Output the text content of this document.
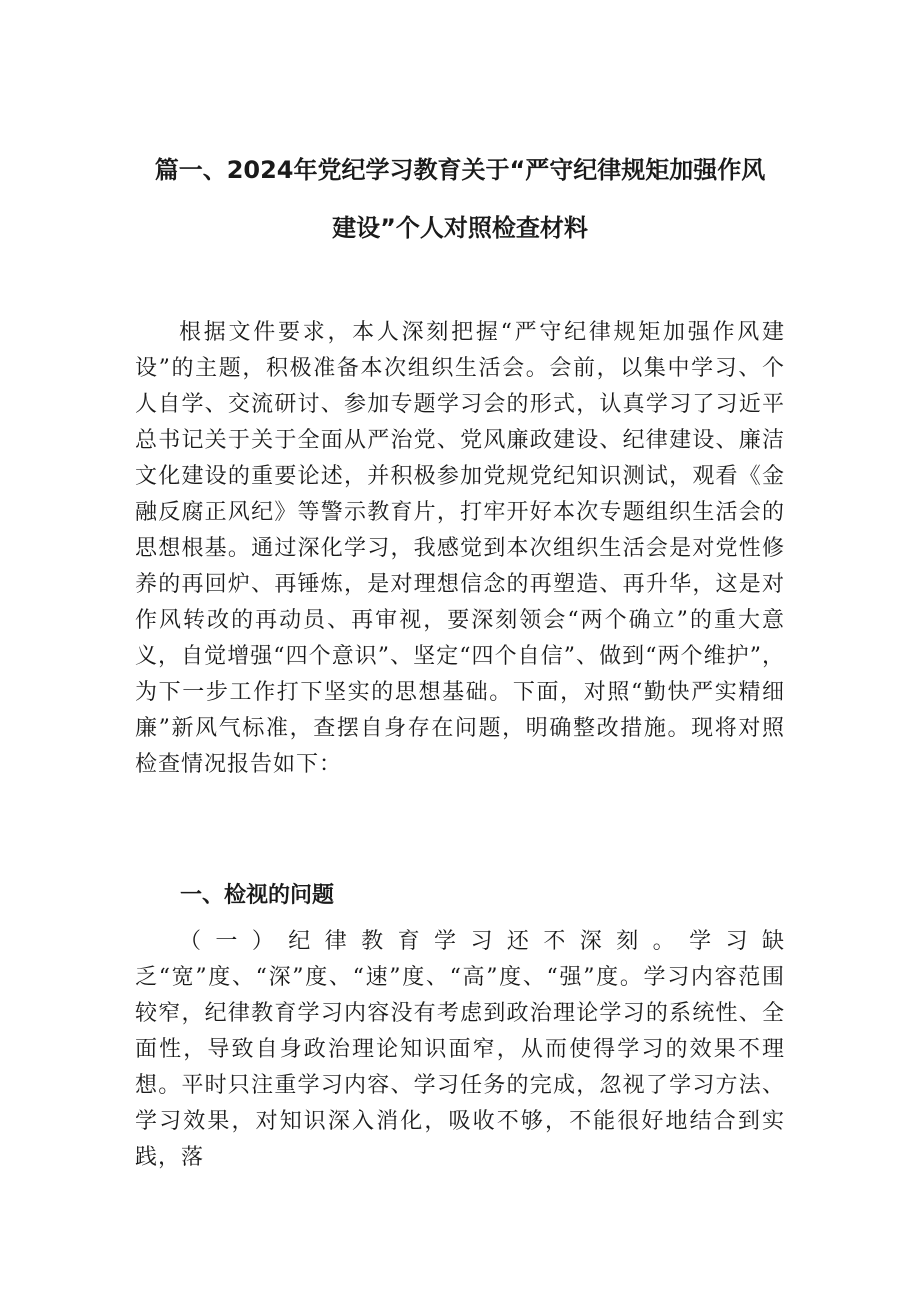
篇一、2024年党纪学习教育关于“严守纪律规矩加强作风
建设”个人对照检查材料

根据文件要求，本人深刻把握“严守纪律规矩加强作风建设”的主题，积极准备本次组织生活会。会前，以集中学习、个人自学、交流研讨、参加专题学习会的形式，认真学习了习近平总书记关于关于全面从严治党、党风廉政建设、纪律建设、廉洁文化建设的重要论述，并积极参加党规党纪知识测试，观看《金融反腐正风纪》等警示教育片，打牢开好本次专题组织生活会的思想根基。通过深化学习，我感觉到本次组织生活会是对党性修养的再回炉、再锤炼，是对理想信念的再塑造、再升华，这是对作风转改的再动员、再审视，要深刻领会“两个确立”的重大意义，自觉增强“四个意识”、坚定“四个自信”、做到“两个维护”，为下一步工作打下坚实的思想基础。下面，对照“勤快严实精细廉”新风气标准，查摆自身存在问题，明确整改措施。现将对照检查情况报告如下：

一、检视的问题

（一）纪律教育学习还不深刻。学习缺乏“宽”度、“深”度、“速”度、“高”度、“强”度。学习内容范围较窄，纪律教育学习内容没有考虑到政治理论学习的系统性、全面性，导致自身政治理论知识面窄，从而使得学习的效果不理想。平时只注重学习内容、学习任务的完成，忽视了学习方法、学习效果，对知识深入消化，吸收不够，不能很好地结合到实践，落
